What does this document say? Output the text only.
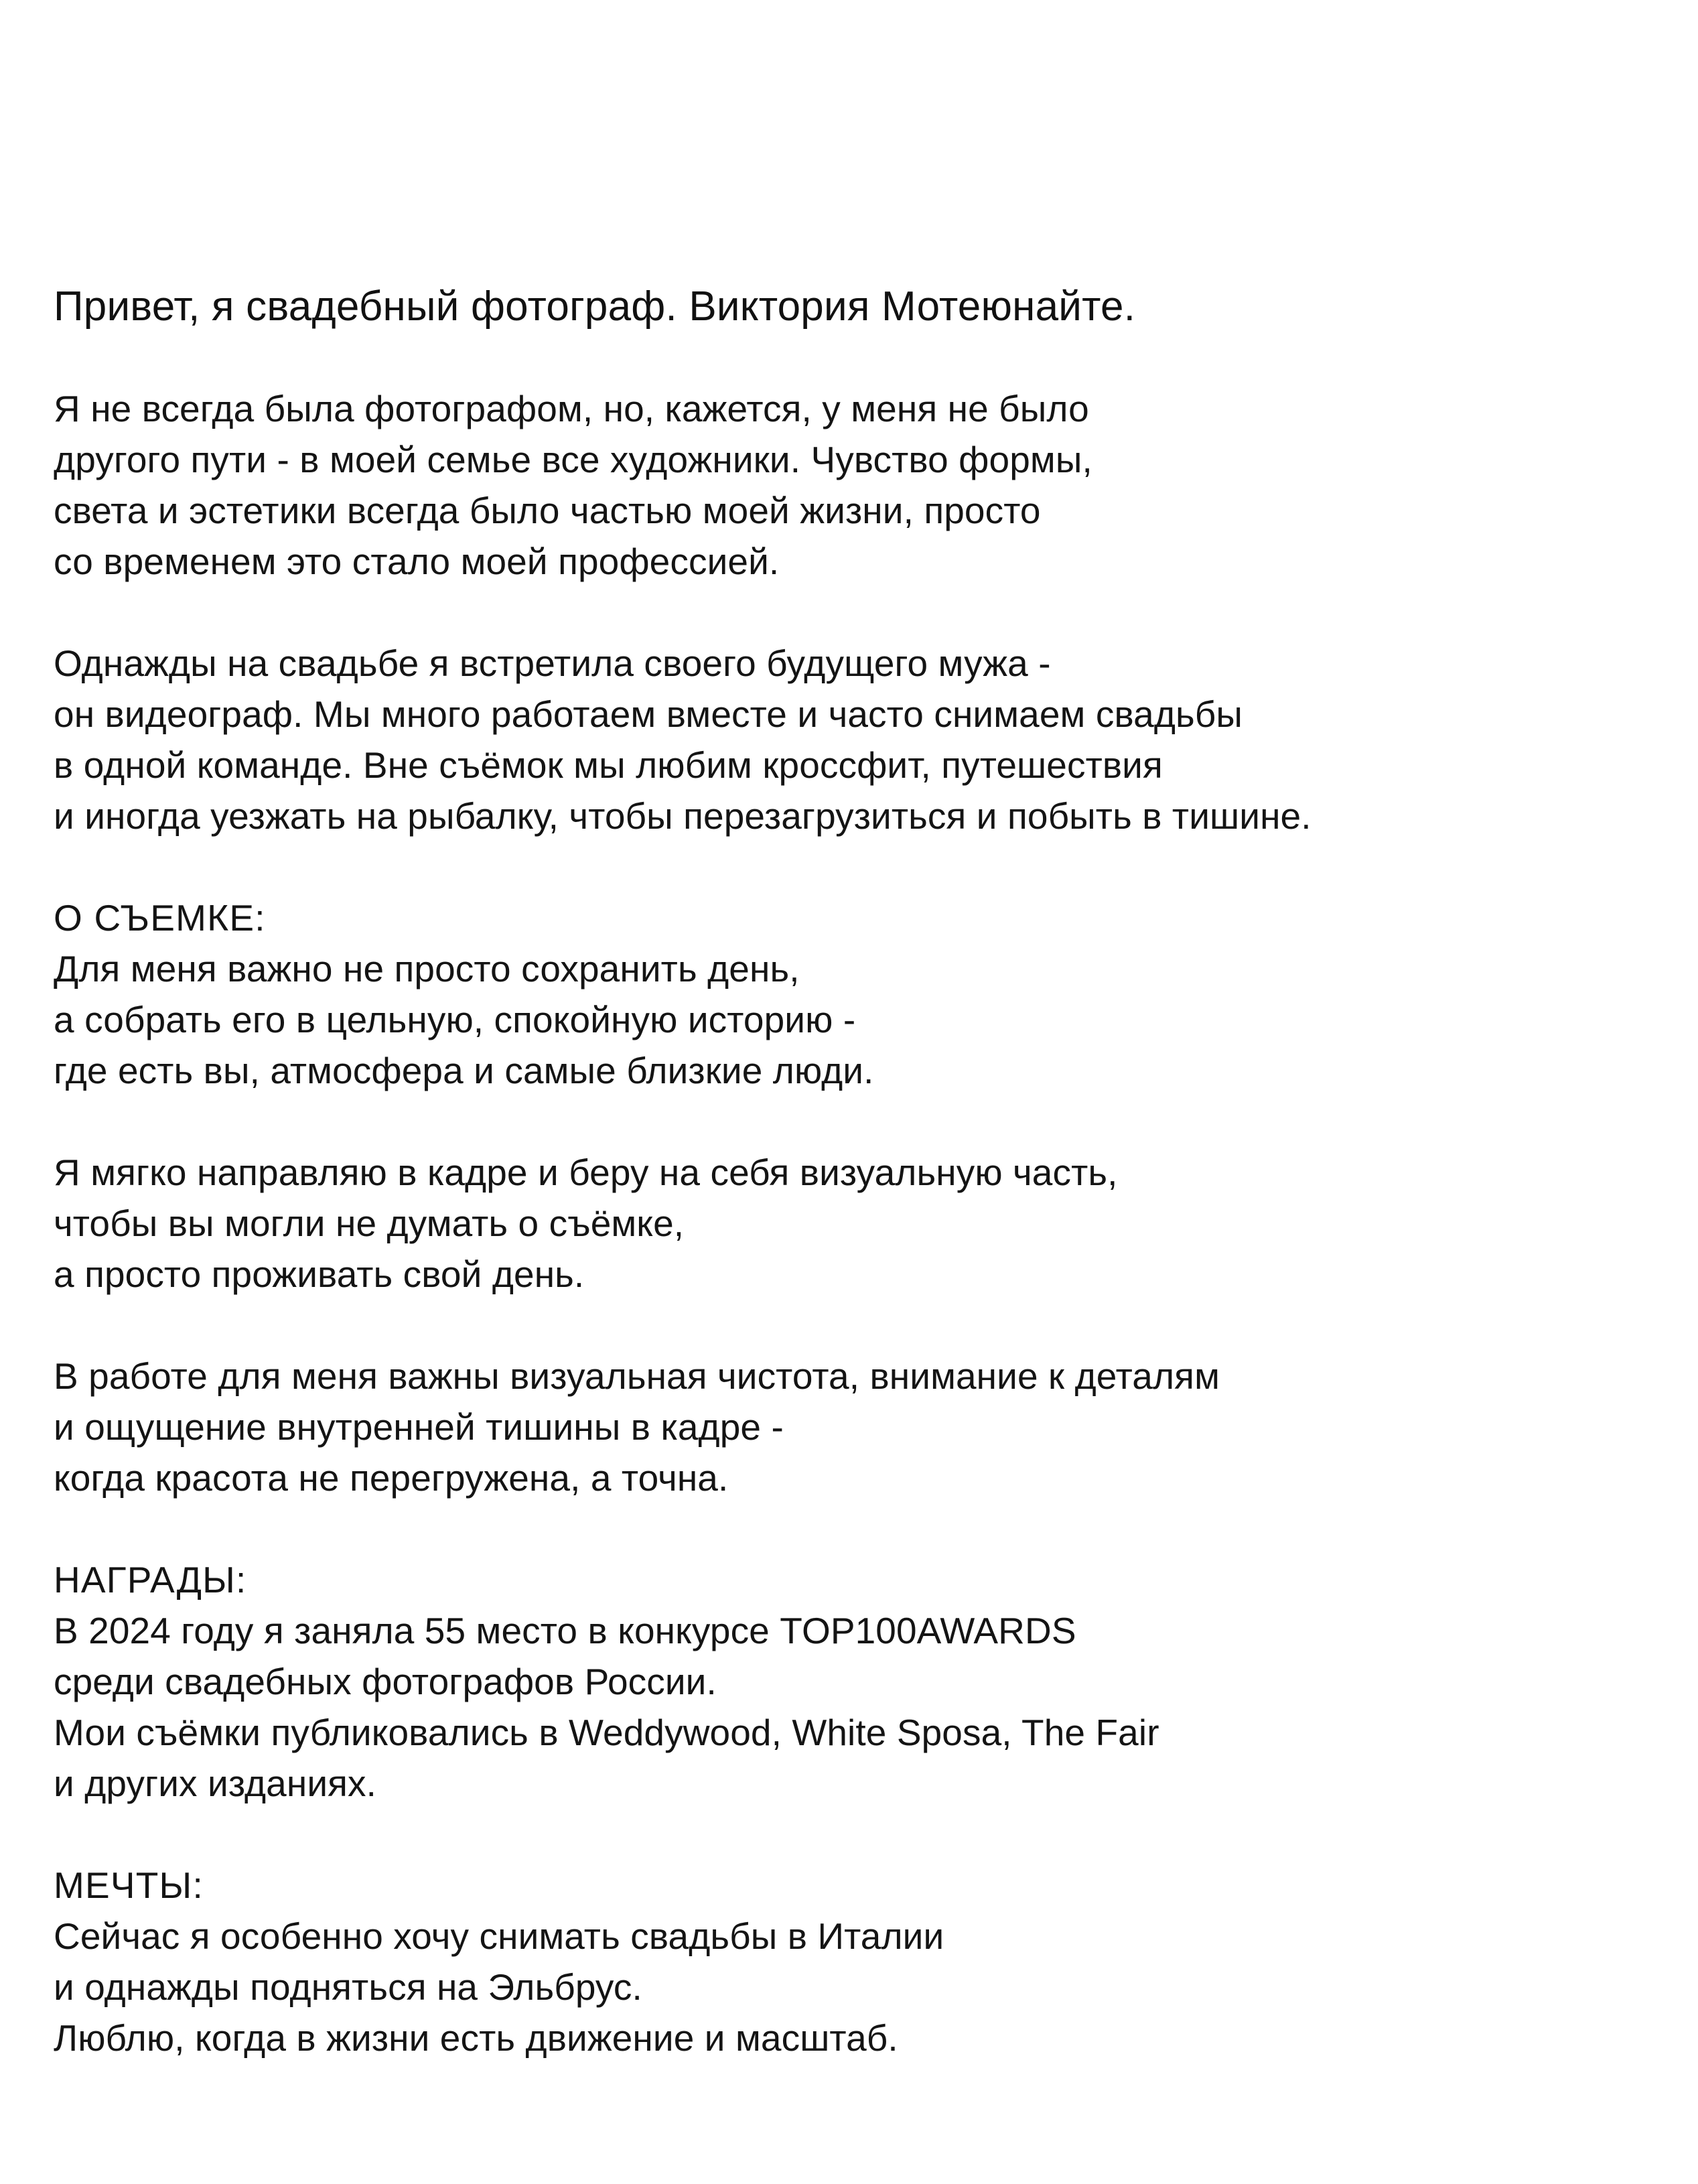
Привет, я свадебный фотограф. Виктория Мотеюнайте.

Я не всегда была фотографом, но, кажется, у меня не было

другого пути - в моей семье все художники. Чувство формы,

света и эстетики всегда было частью моей жизни, просто

со временем это стало моей профессией.

Однажды на свадьбе я встретила своего будущего мужа -

он видеограф. Мы много работаем вместе и часто снимаем свадьбы

в одной команде. Вне съёмок мы любим кроссфит, путешествия

и иногда уезжать на рыбалку, чтобы перезагрузиться и побыть в тишине.

О СЪЕМКЕ:

Для меня важно не просто сохранить день,

а собрать его в цельную, спокойную историю -

где есть вы, атмосфера и самые близкие люди.

Я мягко направляю в кадре и беру на себя визуальную часть,

чтобы вы могли не думать о съёмке,

а просто проживать свой день.

В работе для меня важны визуальная чистота, внимание к деталям

и ощущение внутренней тишины в кадре -

когда красота не перегружена, а точна.

НАГРАДЫ:

В 2024 году я заняла 55 место в конкурсе TOP100AWARDS

среди свадебных фотографов России.

Мои съёмки публиковались в Weddywood, White Sposa, The Fair

и других изданиях.

МЕЧТЫ:

Сейчас я особенно хочу снимать свадьбы в Италии

и однажды подняться на Эльбрус.

Люблю, когда в жизни есть движение и масштаб.
